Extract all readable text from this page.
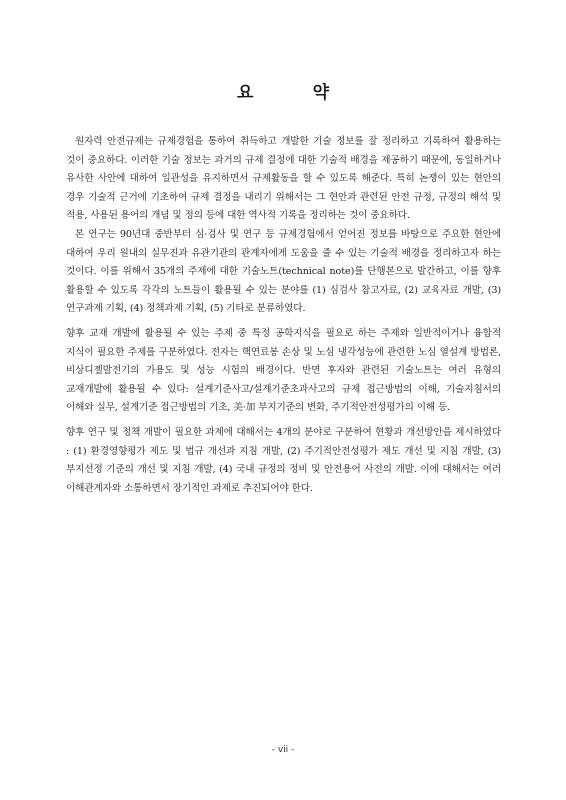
요          약

원자력 안전규제는 규제경험을 통하여 취득하고 개발한 기술 정보를 잘 정리하고 기록하여 활용하는 것이 중요하다. 이러한 기술 정보는 과거의 규제 결정에 대한 기술적 배경을 제공하기 때문에, 동일하거나 유사한 사안에 대하여 일관성을 유지하면서 규제활동을 할 수 있도록 해준다. 특히 논쟁이 있는 현안의 경우 기술적 근거에 기초하여 규제 결정을 내리기 위해서는 그 현안과 관련된 안전 규정, 규정의 해석 및 적용, 사용된 용어의 개념 및 정의 등에 대한 역사적 기록을 정리하는 것이 중요하다.

본 연구는 90년대 중반부터 심·검사 및 연구 등 규제경험에서 얻어진 정보를 바탕으로 주요한 현안에 대하여 우리 원내의 실무진과 유관기관의 관계자에게 도움을 줄 수 있는 기술적 배경을 정리하고자 하는 것이다. 이를 위해서 35개의 주제에 대한 기술노트(technical note)를 단행본으로 발간하고, 이를 향후 활용할 수 있도록 각각의 노트들이 활용될 수 있는 분야를 (1) 심검사 참고자료, (2) 교육자료 개발, (3) 연구과제 기획, (4) 정책과제 기획, (5) 기타로 분류하였다.

향후 교재 개발에 활용될 수 있는 주제 중 특정 공학지식을 필요로 하는 주제와 일반적이거나 융합적 지식이 필요한 주제를 구분하였다. 전자는 핵연료봉 손상 및 노심 냉각성능에 관련한 노심 열설계 방법론, 비상디젤발전기의 가용도 및 성능 시험의 배경이다. 반면 후자와 관련된 기술노트는 여러 유형의 교재개발에 활용될 수 있다: 설계기준사고/설계기준초과사고의 규제 접근방법의 이해, 기술지침서의 이해와 실무, 설계기준 접근방법의 기초, 美·加 부지기준의 변화, 주기적안전성평가의 이해 등.

향후 연구 및 정책 개발이 필요한 과제에 대해서는 4개의 분야로 구분하여 현황과 개선방안을 제시하였다 : (1) 환경영향평가 제도 및 법규 개선과 지침 개발, (2) 주기적안전성평가 제도 개선 및 지침 개발, (3) 부지선정 기준의 개선 및 지침 개발, (4) 국내 규정의 정비 및 안전용어 사전의 개발. 이에 대해서는 여러 이해관계자와 소통하면서 장기적인 과제로 추진되어야 한다.

- vii -
